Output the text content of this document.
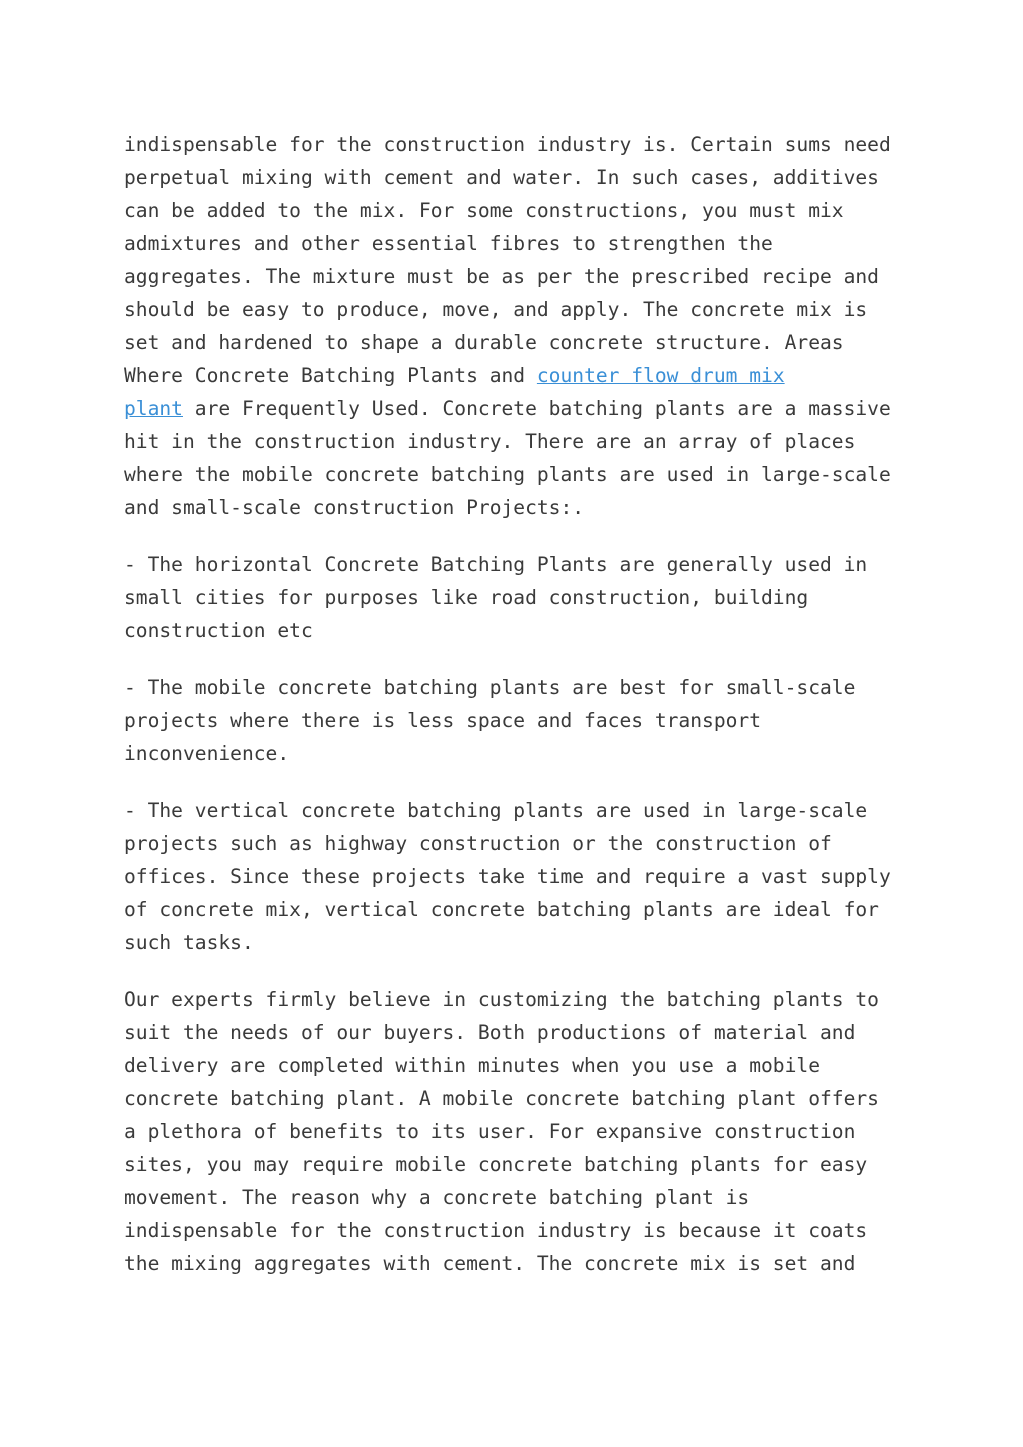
indispensable for the construction industry is. Certain sums need
perpetual mixing with cement and water. In such cases, additives
can be added to the mix. For some constructions, you must mix
admixtures and other essential fibres to strengthen the
aggregates. The mixture must be as per the prescribed recipe and
should be easy to produce, move, and apply. The concrete mix is
set and hardened to shape a durable concrete structure. Areas
Where Concrete Batching Plants and counter flow drum mix
plant are Frequently Used. Concrete batching plants are a massive
hit in the construction industry. There are an array of places
where the mobile concrete batching plants are used in large-scale
and small-scale construction Projects:.

- The horizontal Concrete Batching Plants are generally used in
small cities for purposes like road construction, building
construction etc

- The mobile concrete batching plants are best for small-scale
projects where there is less space and faces transport
inconvenience.

- The vertical concrete batching plants are used in large-scale
projects such as highway construction or the construction of
offices. Since these projects take time and require a vast supply
of concrete mix, vertical concrete batching plants are ideal for
such tasks.

Our experts firmly believe in customizing the batching plants to
suit the needs of our buyers. Both productions of material and
delivery are completed within minutes when you use a mobile
concrete batching plant. A mobile concrete batching plant offers
a plethora of benefits to its user. For expansive construction
sites, you may require mobile concrete batching plants for easy
movement. The reason why a concrete batching plant is
indispensable for the construction industry is because it coats
the mixing aggregates with cement. The concrete mix is set and
